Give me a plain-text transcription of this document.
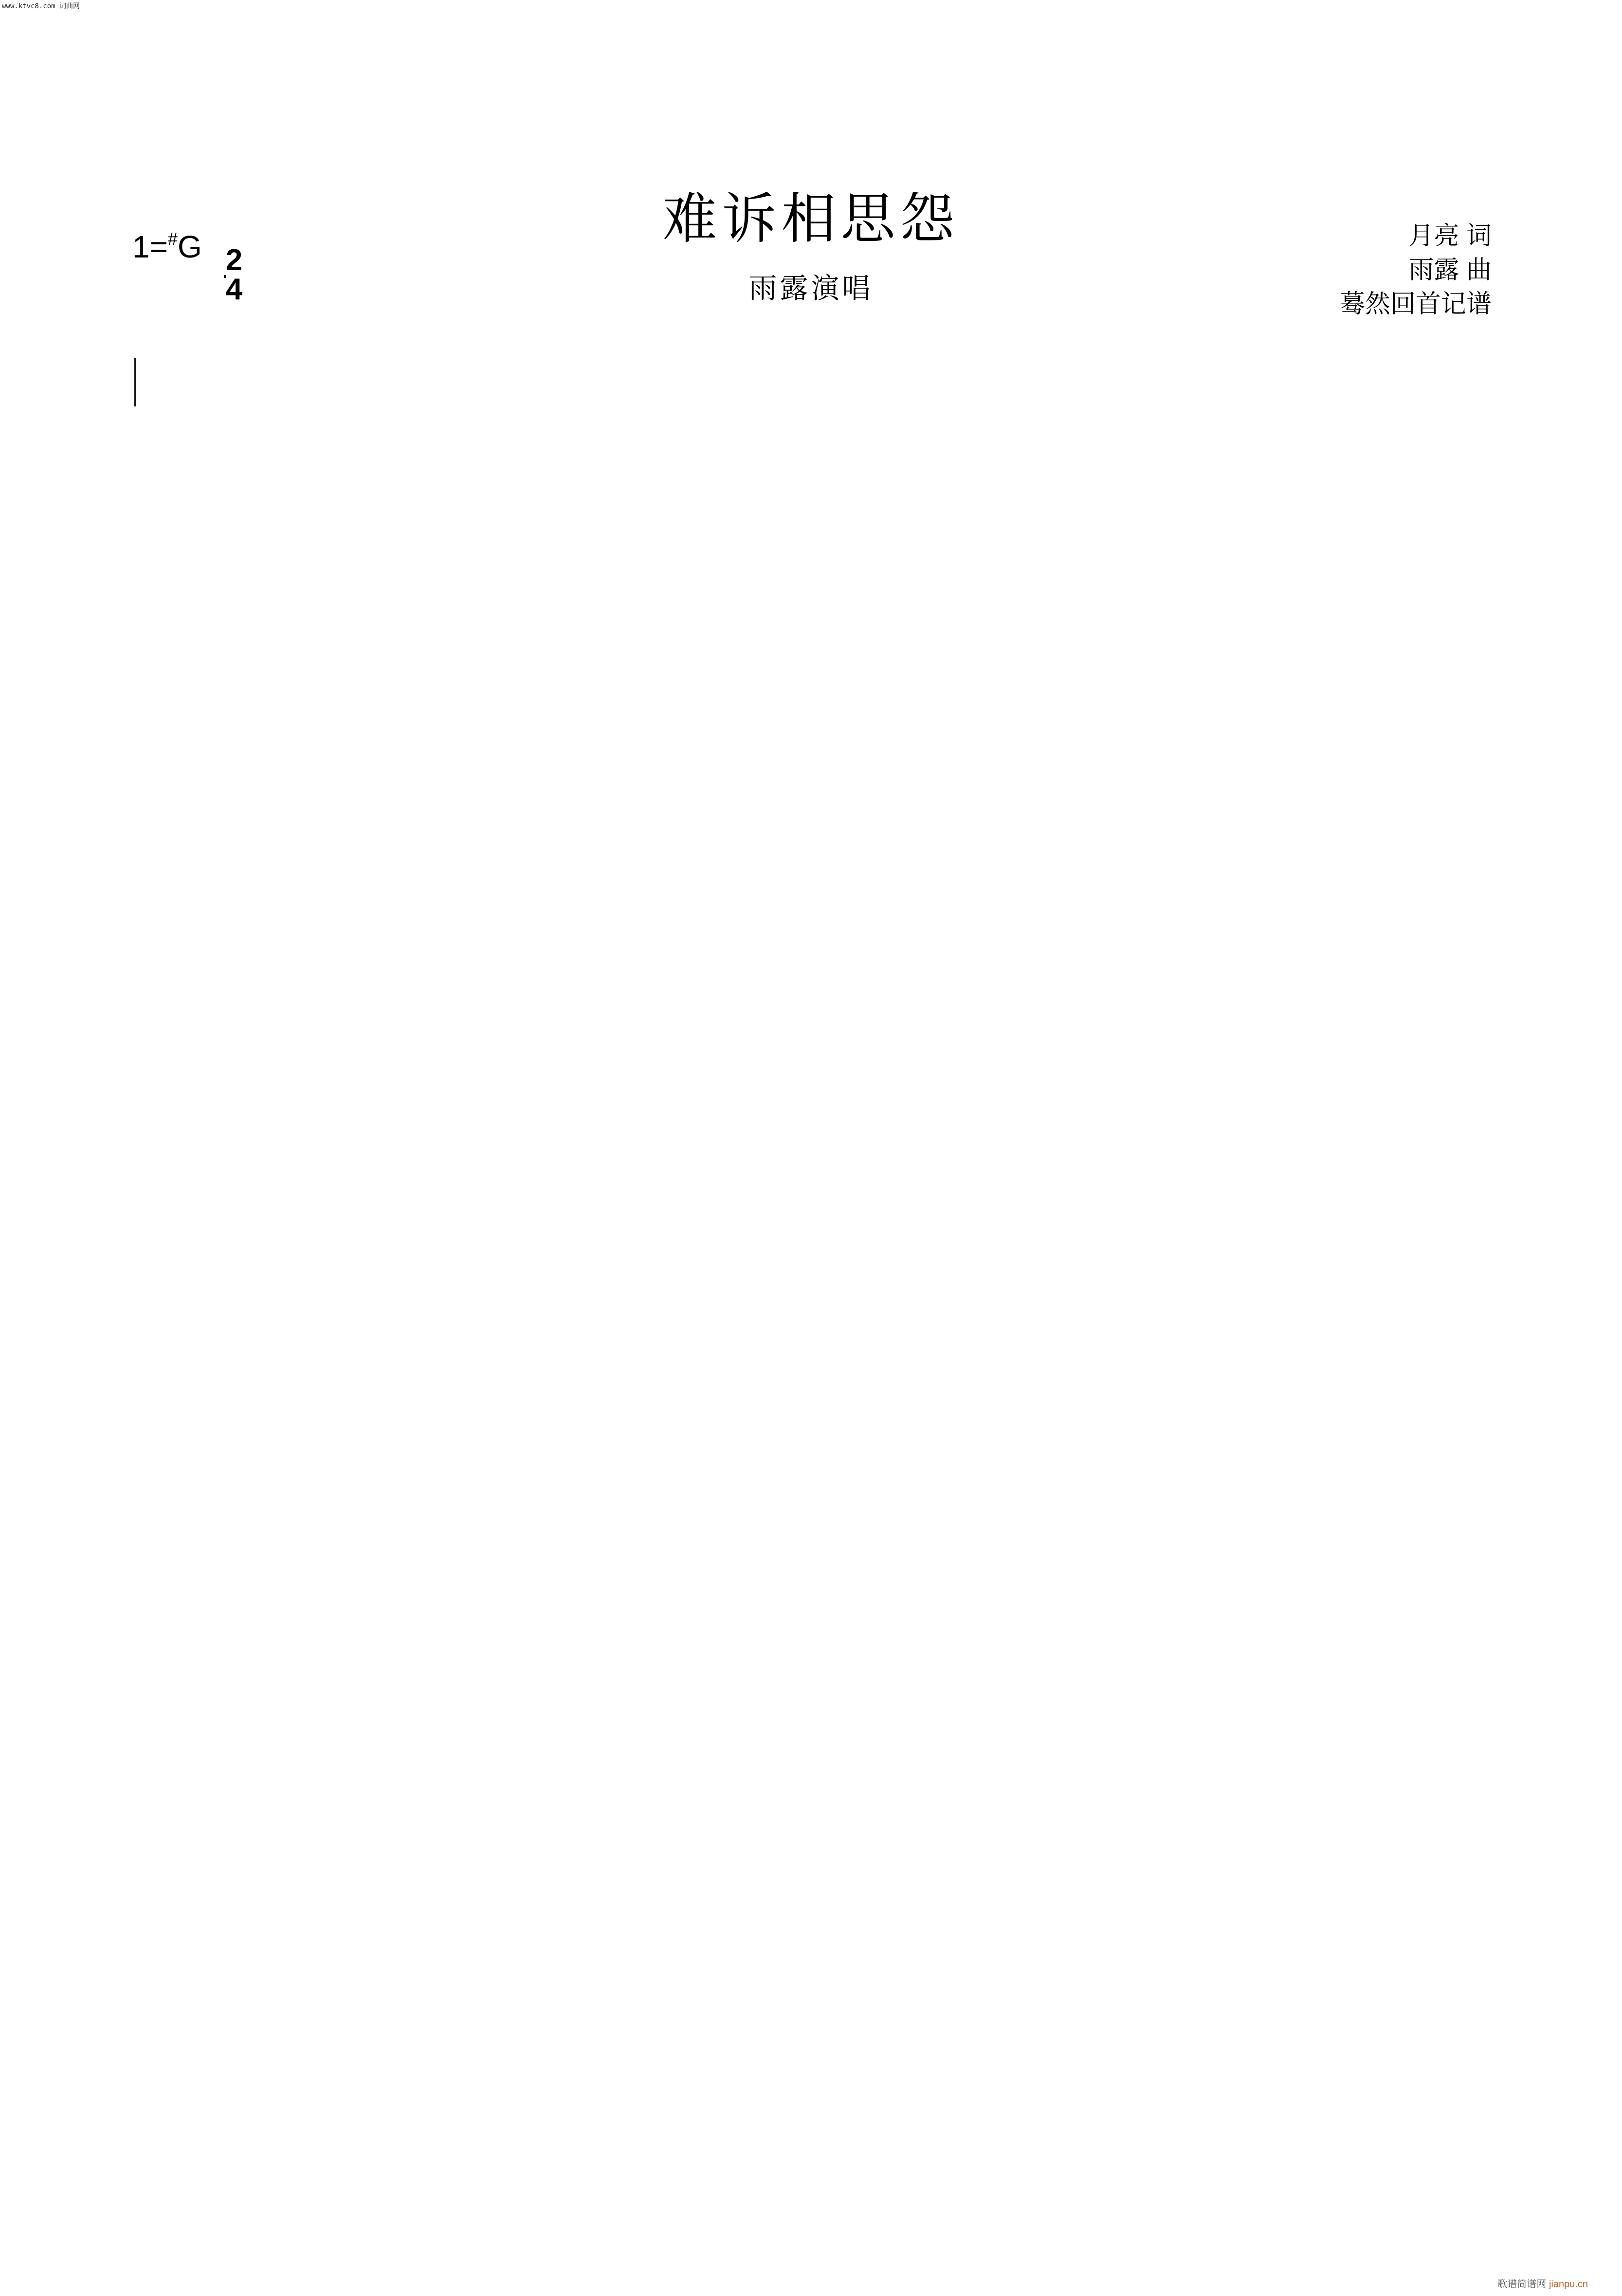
www.ktvc8.com 词曲网
歌谱简谱网 jianpu.cn
难诉相思怨
雨露演唱
月亮 词
雨露 曲
蓦然回首记谱
1=#G 2
4
